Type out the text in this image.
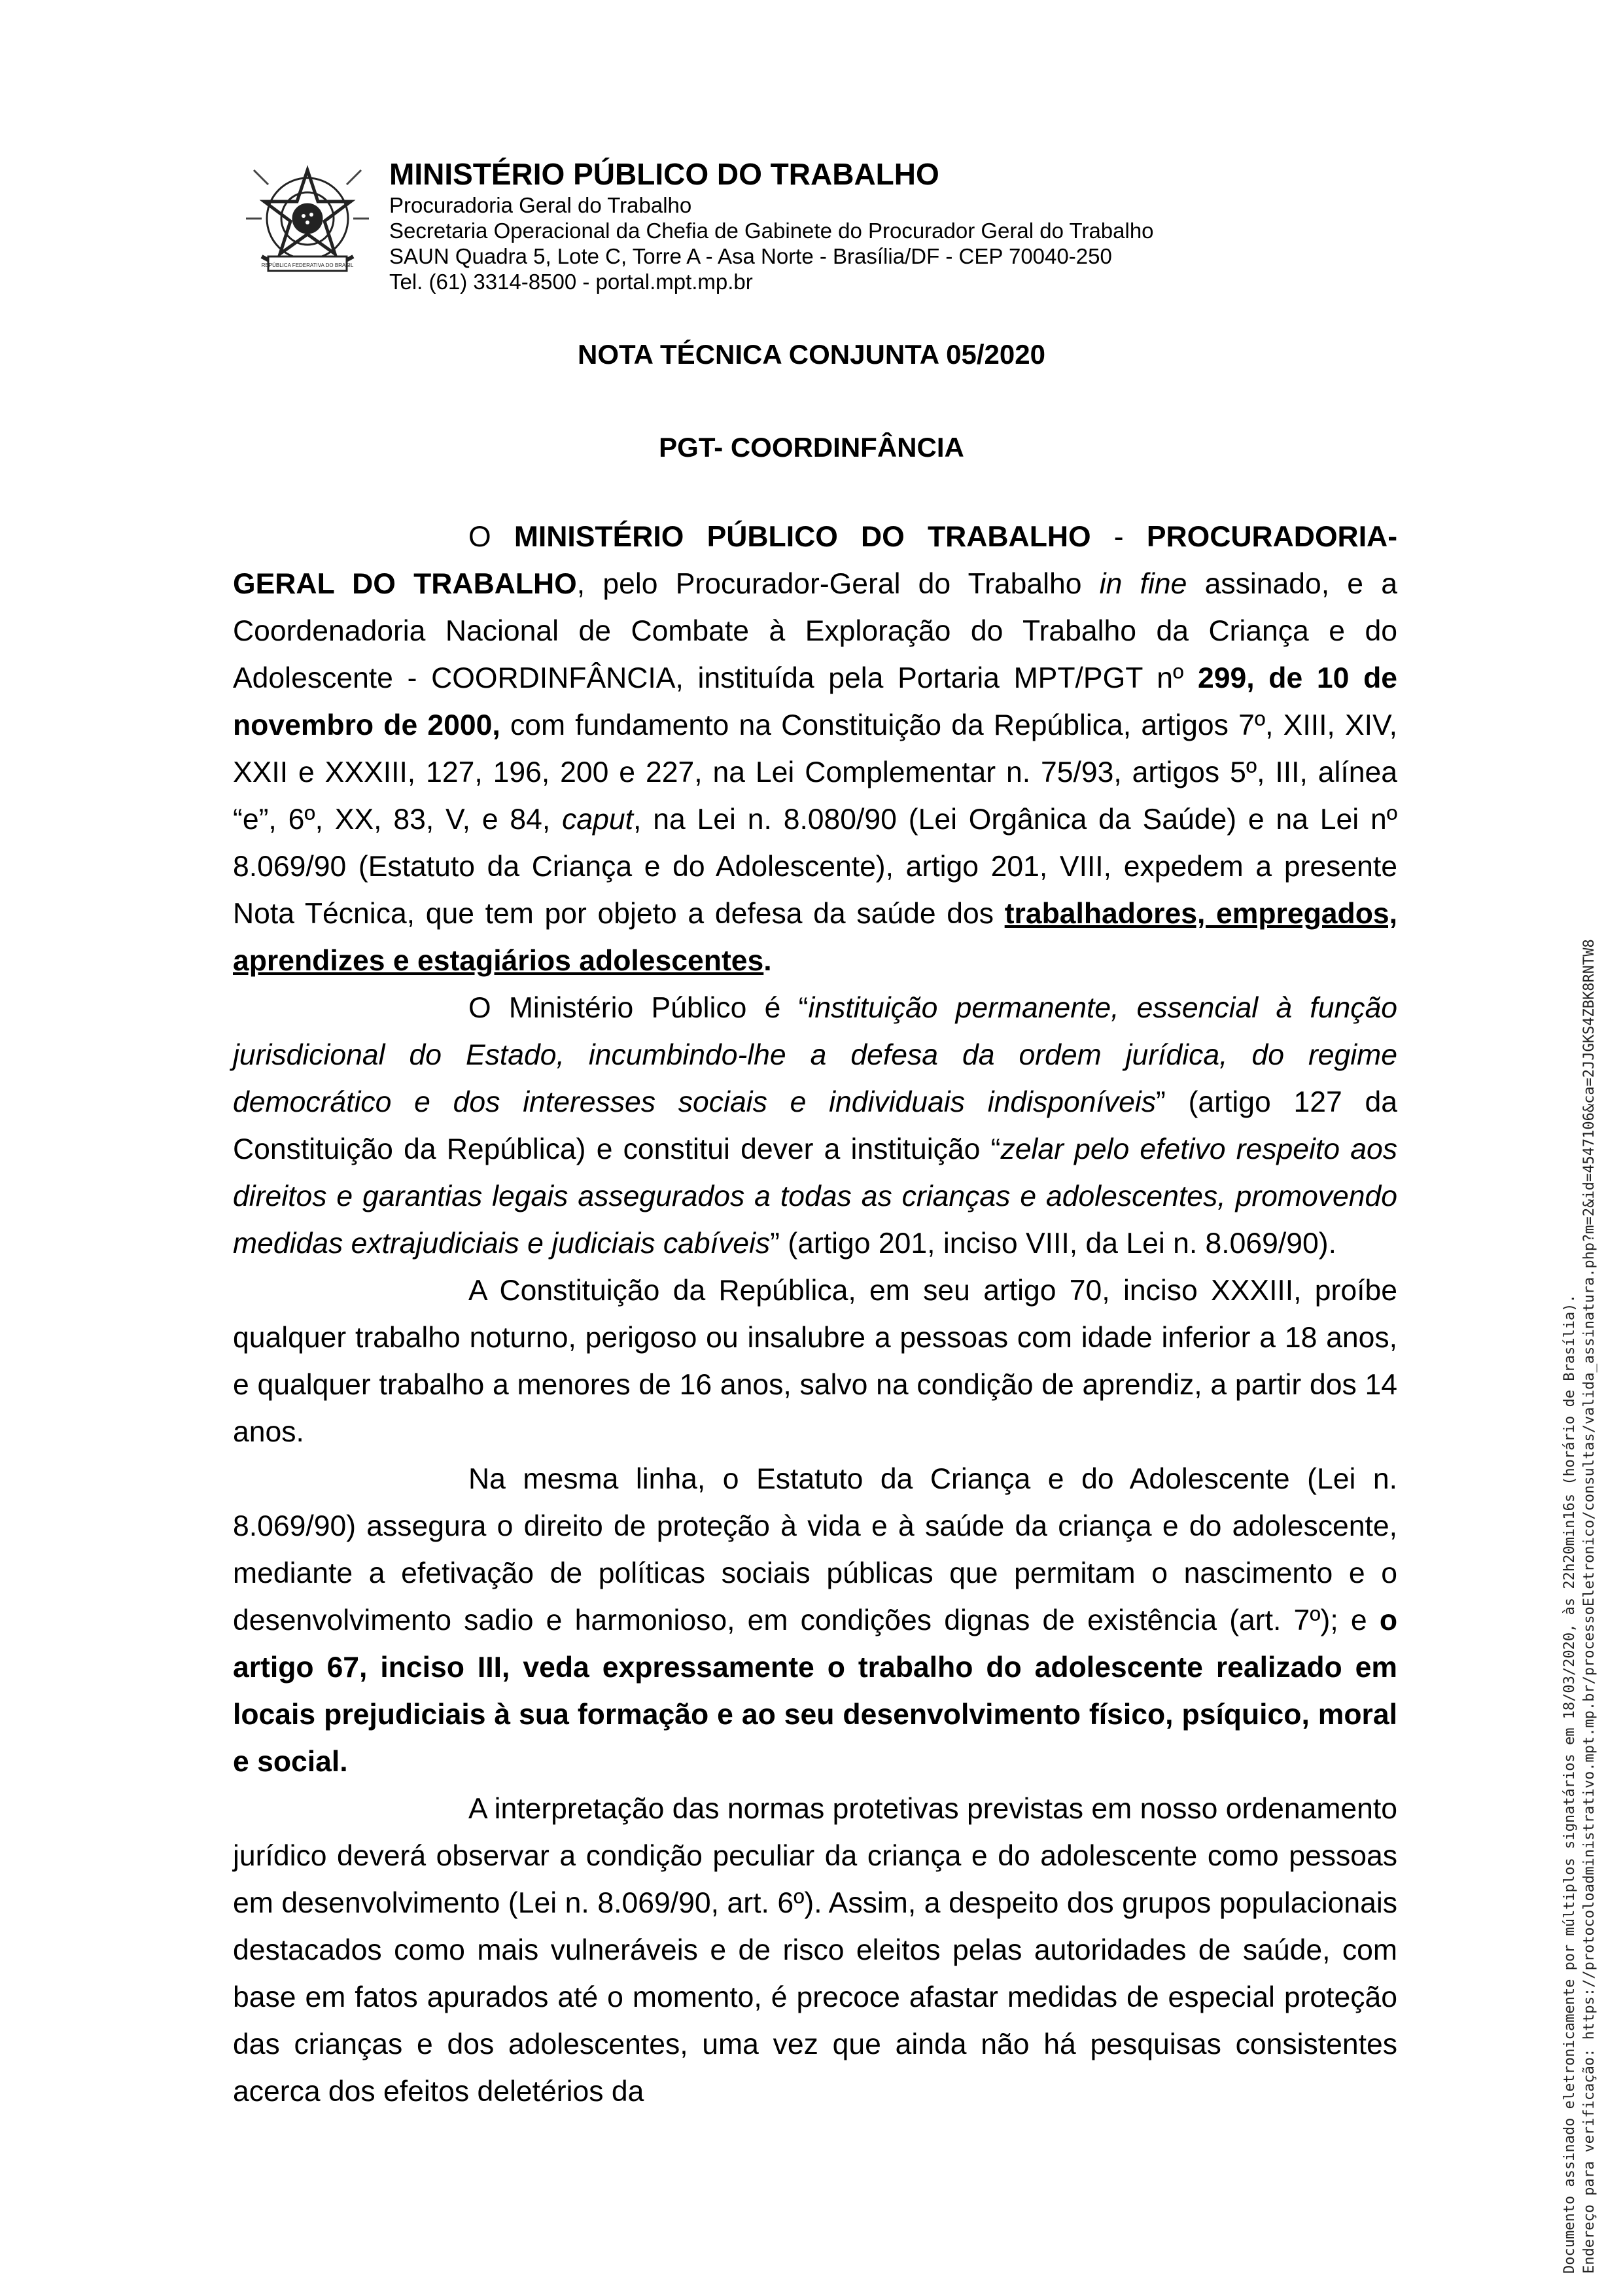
REPÚBLICA FEDERATIVA DO BRASIL

MINISTÉRIO PÚBLICO DO TRABALHO

Procuradoria Geral do Trabalho

Secretaria Operacional da Chefia de Gabinete do Procurador Geral do Trabalho

SAUN Quadra 5, Lote C, Torre A - Asa Norte - Brasília/DF - CEP 70040-250

Tel. (61) 3314-8500 - portal.mpt.mp.br

NOTA TÉCNICA CONJUNTA 05/2020
PGT- COORDINFÂNCIA

O MINISTÉRIO PÚBLICO DO TRABALHO - PROCURADORIA-GERAL DO TRABALHO, pelo Procurador-Geral do Trabalho in fine assinado, e a Coordenadoria Nacional de Combate à Exploração do Trabalho da Criança e do Adolescente - COORDINFÂNCIA, instituída pela Portaria MPT/PGT nº 299, de 10 de novembro de 2000, com fundamento na Constituição da República, artigos 7º, XIII, XIV, XXII e XXXIII, 127, 196, 200 e 227, na Lei Complementar n. 75/93, artigos 5º, III, alínea “e”, 6º, XX, 83, V, e 84, caput, na Lei n. 8.080/90 (Lei Orgânica da Saúde) e na Lei nº 8.069/90 (Estatuto da Criança e do Adolescente), artigo 201, VIII, expedem a presente Nota Técnica, que tem por objeto a defesa da saúde dos trabalhadores, empregados, aprendizes e estagiários adolescentes.

O Ministério Público é “instituição permanente, essencial à função jurisdicional do Estado, incumbindo-lhe a defesa da ordem jurídica, do regime democrático e dos interesses sociais e individuais indisponíveis” (artigo 127 da Constituição da República) e constitui dever a instituição “zelar pelo efetivo respeito aos direitos e garantias legais assegurados a todas as crianças e adolescentes, promovendo medidas extrajudiciais e judiciais cabíveis” (artigo 201, inciso VIII, da Lei n. 8.069/90).

A Constituição da República, em seu artigo 70, inciso XXXIII, proíbe qualquer trabalho noturno, perigoso ou insalubre a pessoas com idade inferior a 18 anos, e qualquer trabalho a menores de 16 anos, salvo na condição de aprendiz, a partir dos 14 anos.

Na mesma linha, o Estatuto da Criança e do Adolescente (Lei n. 8.069/90) assegura o direito de proteção à vida e à saúde da criança e do adolescente, mediante a efetivação de políticas sociais públicas que permitam o nascimento e o desenvolvimento sadio e harmonioso, em condições dignas de existência (art. 7º); e o artigo 67, inciso III, veda expressamente o trabalho do adolescente realizado em locais prejudiciais à sua formação e ao seu desenvolvimento físico, psíquico, moral e social.

A interpretação das normas protetivas previstas em nosso ordenamento jurídico deverá observar a condição peculiar da criança e do adolescente como pessoas em desenvolvimento (Lei n. 8.069/90, art. 6º). Assim, a despeito dos grupos populacionais destacados como mais vulneráveis e de risco eleitos pelas autoridades de saúde, com base em fatos apurados até o momento, é precoce afastar medidas de especial proteção das crianças e dos adolescentes, uma vez que ainda não há pesquisas consistentes acerca dos efeitos deletérios da	Documento assinado eletronicamente por múltiplos signatários em 18/03/2020, às 22h20min16s (horário de Brasília). Endereço para verificação: https://protocoloadministrativo.mpt.mp.br/processoEletronico/consultas/valida_assinatura.php?m=2&id=4547106&ca=2JJGKS4ZBK8RNTW8
